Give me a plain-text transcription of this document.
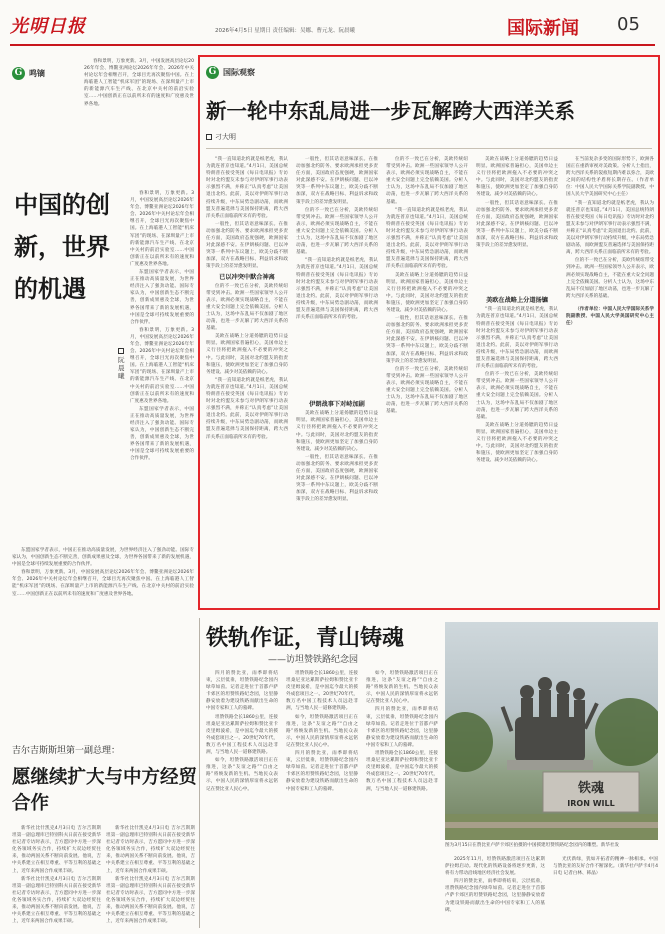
光明日报	2026年4月5日 星期日 责任编辑：吴娜、曹元龙、阮晨曦	国际新闻 05
G 鸣镝

春和景明，万象更新。3月，中国发展高层论坛2026年年会、博鳌亚洲论坛2026年年会、2026年中关村论坛年会相继召开，全球目光再次聚焦中国。在上海临港人工智能“机床军团”的现场、在深圳量产上市的新能源汽车生产线、在北京中关村的前沿实验室……中国创新正在以前所未有的速度和广度惠及世界各地。

中国的创新，世界的机遇
阮晨曦

春和景明，万象更新。3月，中国发展高层论坛2026年年会、博鳌亚洲论坛2026年年会、2026年中关村论坛年会相继召开，全球目光再次聚焦中国。在上海临港人工智能“机床军团”的现场、在深圳量产上市的新能源汽车生产线、在北京中关村的前沿实验室……中国创新正在以前所未有的速度和广度惠及世界各地。

东盟国家学者表示，中国正在推动高质量发展，为世界经济注入了强劲动能。国际专家认为，中国创新生态不断完善，创新成果惠及全球，为世界各国带来了新的发展机遇，中国是全球可持续发展重要的合作伙伴。

春和景明，万象更新。3月，中国发展高层论坛2026年年会、博鳌亚洲论坛2026年年会、2026年中关村论坛年会相继召开，全球目光再次聚焦中国。在上海临港人工智能“机床军团”的现场、在深圳量产上市的新能源汽车生产线、在北京中关村的前沿实验室……中国创新正在以前所未有的速度和广度惠及世界各地。

东盟国家学者表示，中国正在推动高质量发展，为世界经济注入了强劲动能。国际专家认为，中国创新生态不断完善，创新成果惠及全球，为世界各国带来了新的发展机遇，中国是全球可持续发展重要的合作伙伴。

东盟国家学者表示，中国正在推动高质量发展，为世界经济注入了强劲动能。国际专家认为，中国创新生态不断完善，创新成果惠及全球，为世界各国带来了新的发展机遇，中国是全球可持续发展重要的合作伙伴。

春和景明，万象更新。3月，中国发展高层论坛2026年年会、博鳌亚洲论坛2026年年会、2026年中关村论坛年会相继召开，全球目光再次聚焦中国。在上海临港人工智能“机床军团”的现场、在深圳量产上市的新能源汽车生产线、在北京中关村的前沿实验室……中国创新正在以前所未有的速度和广度惠及世界各地。

G 国际观察
新一轮中东乱局进一步瓦解跨大西洋关系
刁大明

“我一直知道北约就是纸老虎，我认为就连普京也知道。”4月1日，美国总统特朗普在接受英国《每日电讯报》专访时对北约盟友未参与对伊朗军事行动表示强烈不满，并称正“认真考虑”让美国退出北约。此前，美以对伊朗军事行动持续升级，中东局势急剧动荡，而欧洲盟友普遍选择与美国保持距离，跨大西洋关系正面临前所未有的考验。

一般性，但其话语意味深长。在推动加强北约防务、要求欧洲承担更多责任方面，美国政府态度强硬，欧洲国家对此深感不安。在伊朗核问题、巴以冲突等一系列中东议题上，欧美分歧不断加深，双方在战略目标、利益诉求和政策手段上的差异愈发明显。

已以冲突中默合神离

位的不一致已在分析，美欧传统纽带受到冲击。欧洲一些国家领导人公开表示，欧洲必须实现战略自主，不能在重大安全问题上完全依赖美国。分析人士认为，这场中东乱局不仅加剧了地区动荡，也进一步瓦解了跨大西洋关系的基础。

美欧在战略上分道扬镳的趋势日益明显。欧洲国家普遍担心，美国单边主义行径将把欧洲拖入不必要的冲突之中。与此同时，美国对北约盟友的指责和施压，使欧洲更加坚定了加强自身防务建设、减少对美依赖的决心。

“我一直知道北约就是纸老虎，我认为就连普京也知道。”4月1日，美国总统特朗普在接受英国《每日电讯报》专访时对北约盟友未参与对伊朗军事行动表示强烈不满，并称正“认真考虑”让美国退出北约。此前，美以对伊朗军事行动持续升级，中东局势急剧动荡，而欧洲盟友普遍选择与美国保持距离，跨大西洋关系正面临前所未有的考验。

一般性，但其话语意味深长。在推动加强北约防务、要求欧洲承担更多责任方面，美国政府态度强硬，欧洲国家对此深感不安。在伊朗核问题、巴以冲突等一系列中东议题上，欧美分歧不断加深，双方在战略目标、利益诉求和政策手段上的差异愈发明显。

位的不一致已在分析，美欧传统纽带受到冲击。欧洲一些国家领导人公开表示，欧洲必须实现战略自主，不能在重大安全问题上完全依赖美国。分析人士认为，这场中东乱局不仅加剧了地区动荡，也进一步瓦解了跨大西洋关系的基础。

“我一直知道北约就是纸老虎，我认为就连普京也知道。”4月1日，美国总统特朗普在接受英国《每日电讯报》专访时对北约盟友未参与对伊朗军事行动表示强烈不满，并称正“认真考虑”让美国退出北约。此前，美以对伊朗军事行动持续升级，中东局势急剧动荡，而欧洲盟友普遍选择与美国保持距离，跨大西洋关系正面临前所未有的考验。

伊朗战事下对峙加剧

美欧在战略上分道扬镳的趋势日益明显。欧洲国家普遍担心，美国单边主义行径将把欧洲拖入不必要的冲突之中。与此同时，美国对北约盟友的指责和施压，使欧洲更加坚定了加强自身防务建设、减少对美依赖的决心。

一般性，但其话语意味深长。在推动加强北约防务、要求欧洲承担更多责任方面，美国政府态度强硬，欧洲国家对此深感不安。在伊朗核问题、巴以冲突等一系列中东议题上，欧美分歧不断加深，双方在战略目标、利益诉求和政策手段上的差异愈发明显。

位的不一致已在分析，美欧传统纽带受到冲击。欧洲一些国家领导人公开表示，欧洲必须实现战略自主，不能在重大安全问题上完全依赖美国。分析人士认为，这场中东乱局不仅加剧了地区动荡，也进一步瓦解了跨大西洋关系的基础。

“我一直知道北约就是纸老虎，我认为就连普京也知道。”4月1日，美国总统特朗普在接受英国《每日电讯报》专访时对北约盟友未参与对伊朗军事行动表示强烈不满，并称正“认真考虑”让美国退出北约。此前，美以对伊朗军事行动持续升级，中东局势急剧动荡，而欧洲盟友普遍选择与美国保持距离，跨大西洋关系正面临前所未有的考验。

美欧在战略上分道扬镳的趋势日益明显。欧洲国家普遍担心，美国单边主义行径将把欧洲拖入不必要的冲突之中。与此同时，美国对北约盟友的指责和施压，使欧洲更加坚定了加强自身防务建设、减少对美依赖的决心。

一般性，但其话语意味深长。在推动加强北约防务、要求欧洲承担更多责任方面，美国政府态度强硬，欧洲国家对此深感不安。在伊朗核问题、巴以冲突等一系列中东议题上，欧美分歧不断加深，双方在战略目标、利益诉求和政策手段上的差异愈发明显。

位的不一致已在分析，美欧传统纽带受到冲击。欧洲一些国家领导人公开表示，欧洲必须实现战略自主，不能在重大安全问题上完全依赖美国。分析人士认为，这场中东乱局不仅加剧了地区动荡，也进一步瓦解了跨大西洋关系的基础。

美欧在战略上分道扬镳的趋势日益明显。欧洲国家普遍担心，美国单边主义行径将把欧洲拖入不必要的冲突之中。与此同时，美国对北约盟友的指责和施压，使欧洲更加坚定了加强自身防务建设、减少对美依赖的决心。

一般性，但其话语意味深长。在推动加强北约防务、要求欧洲承担更多责任方面，美国政府态度强硬，欧洲国家对此深感不安。在伊朗核问题、巴以冲突等一系列中东议题上，欧美分歧不断加深，双方在战略目标、利益诉求和政策手段上的差异愈发明显。

美欧在战略上分道扬镳

“我一直知道北约就是纸老虎，我认为就连普京也知道。”4月1日，美国总统特朗普在接受英国《每日电讯报》专访时对北约盟友未参与对伊朗军事行动表示强烈不满，并称正“认真考虑”让美国退出北约。此前，美以对伊朗军事行动持续升级，中东局势急剧动荡，而欧洲盟友普遍选择与美国保持距离，跨大西洋关系正面临前所未有的考验。

位的不一致已在分析，美欧传统纽带受到冲击。欧洲一些国家领导人公开表示，欧洲必须实现战略自主，不能在重大安全问题上完全依赖美国。分析人士认为，这场中东乱局不仅加剧了地区动荡，也进一步瓦解了跨大西洋关系的基础。

美欧在战略上分道扬镳的趋势日益明显。欧洲国家普遍担心，美国单边主义行径将把欧洲拖入不必要的冲突之中。与此同时，美国对北约盟友的指责和施压，使欧洲更加坚定了加强自身防务建设、减少对美依赖的决心。

在当前复杂多变的国际形势下，欧洲各国正在重新审视对美政策。分析人士指出，跨大西洋关系的裂痕短期内难以弥合，美欧之间的结构性矛盾将长期存在。（作者单位：中国人民大学国际关系学院副教授、中国人民大学美国研究中心主任）

“我一直知道北约就是纸老虎，我认为就连普京也知道。”4月1日，美国总统特朗普在接受英国《每日电讯报》专访时对北约盟友未参与对伊朗军事行动表示强烈不满，并称正“认真考虑”让美国退出北约。此前，美以对伊朗军事行动持续升级，中东局势急剧动荡，而欧洲盟友普遍选择与美国保持距离，跨大西洋关系正面临前所未有的考验。

位的不一致已在分析，美欧传统纽带受到冲击。欧洲一些国家领导人公开表示，欧洲必须实现战略自主，不能在重大安全问题上完全依赖美国。分析人士认为，这场中东乱局不仅加剧了地区动荡，也进一步瓦解了跨大西洋关系的基础。

（作者单位：中国人民大学国际关系学院副教授、中国人民大学美国研究中心主任）

吉尔吉斯斯坦第一副总理：
愿继续扩大与中方经贸合作

新华社比什凯克4月3日电 吉尔吉斯斯坦第一副总理库巴特别科夫日前在接受新华社记者专访时表示，吉方愿同中方进一步深化各领域务实合作，持续扩大双边经贸往来，推动两国关系不断向前发展。他说，吉中关系建立在相互尊重、平等互利的基础之上，近年来两国合作成果丰硕。

新华社比什凯克4月3日电 吉尔吉斯斯坦第一副总理库巴特别科夫日前在接受新华社记者专访时表示，吉方愿同中方进一步深化各领域务实合作，持续扩大双边经贸往来，推动两国关系不断向前发展。他说，吉中关系建立在相互尊重、平等互利的基础之上，近年来两国合作成果丰硕。

新华社比什凯克4月3日电 吉尔吉斯斯坦第一副总理库巴特别科夫日前在接受新华社记者专访时表示，吉方愿同中方进一步深化各领域务实合作，持续扩大双边经贸往来，推动两国关系不断向前发展。他说，吉中关系建立在相互尊重、平等互利的基础之上，近年来两国合作成果丰硕。

新华社比什凯克4月3日电 吉尔吉斯斯坦第一副总理库巴特别科夫日前在接受新华社记者专访时表示，吉方愿同中方进一步深化各领域务实合作，持续扩大双边经贸往来，推动两国关系不断向前发展。他说，吉中关系建立在相互尊重、平等互利的基础之上，近年来两国合作成果丰硕。

铁轨作证，青山铸魂
——访坦赞铁路纪念园

四月的赞比亚，雨季即将结束，云层低垂，坦赞铁路纪念园内绿草如茵。记者走进位于首都卢萨卡郊区的坦赞铁路纪念园，这里静静安放着为建设铁路而献出生命的中国专家和工人的墓碑。

坦赞铁路全长1860公里，连接坦桑尼亚达累斯萨拉姆和赞比亚卡皮里姆波希，是中国迄今最大的援外成套项目之一。20世纪70年代，数万名中国工程技术人员远赴非洲，与当地人民一道修建铁路。

如今，坦赞铁路激活项目正在推进，这条“友谊之路”“自由之路”将焕发新的生机。当地民众表示，中国人民的深情厚谊将永远铭记在赞比亚人民心中。

坦赞铁路全长1860公里，连接坦桑尼亚达累斯萨拉姆和赞比亚卡皮里姆波希，是中国迄今最大的援外成套项目之一。20世纪70年代，数万名中国工程技术人员远赴非洲，与当地人民一道修建铁路。

如今，坦赞铁路激活项目正在推进，这条“友谊之路”“自由之路”将焕发新的生机。当地民众表示，中国人民的深情厚谊将永远铭记在赞比亚人民心中。

四月的赞比亚，雨季即将结束，云层低垂，坦赞铁路纪念园内绿草如茵。记者走进位于首都卢萨卡郊区的坦赞铁路纪念园，这里静静安放着为建设铁路而献出生命的中国专家和工人的墓碑。

如今，坦赞铁路激活项目正在推进，这条“友谊之路”“自由之路”将焕发新的生机。当地民众表示，中国人民的深情厚谊将永远铭记在赞比亚人民心中。

四月的赞比亚，雨季即将结束，云层低垂，坦赞铁路纪念园内绿草如茵。记者走进位于首都卢萨卡郊区的坦赞铁路纪念园，这里静静安放着为建设铁路而献出生命的中国专家和工人的墓碑。

坦赞铁路全长1860公里，连接坦桑尼亚达累斯萨拉姆和赞比亚卡皮里姆波希，是中国迄今最大的援外成套项目之一。20世纪70年代，数万名中国工程技术人员远赴非洲，与当地人民一道修建铁路。	铁魂
IRON WILL
图为3月15日在赞比亚卢萨卡郊区拍摄的中国援建坦赞铁路纪念园内的雕塑。新华社发

2025年11月，坦赞铁路激活项目在达累斯萨拉姆启动。现代化的铁路设备将逐步更新，这将有力带动沿线地区经济社会发展。

四月的赞比亚，雨季即将结束，云层低垂，坦赞铁路纪念园内绿草如茵。记者走进位于首都卢萨卡郊区的坦赞铁路纪念园，这里静静安放着为建设铁路而献出生命的中国专家和工人的墓碑。

光伏新绿，犹如开拓者的精神一脉相承。中国与赞比亚的友好合作不断深化。（新华社卢萨卡4月4日电 记者白林、韩晶）
